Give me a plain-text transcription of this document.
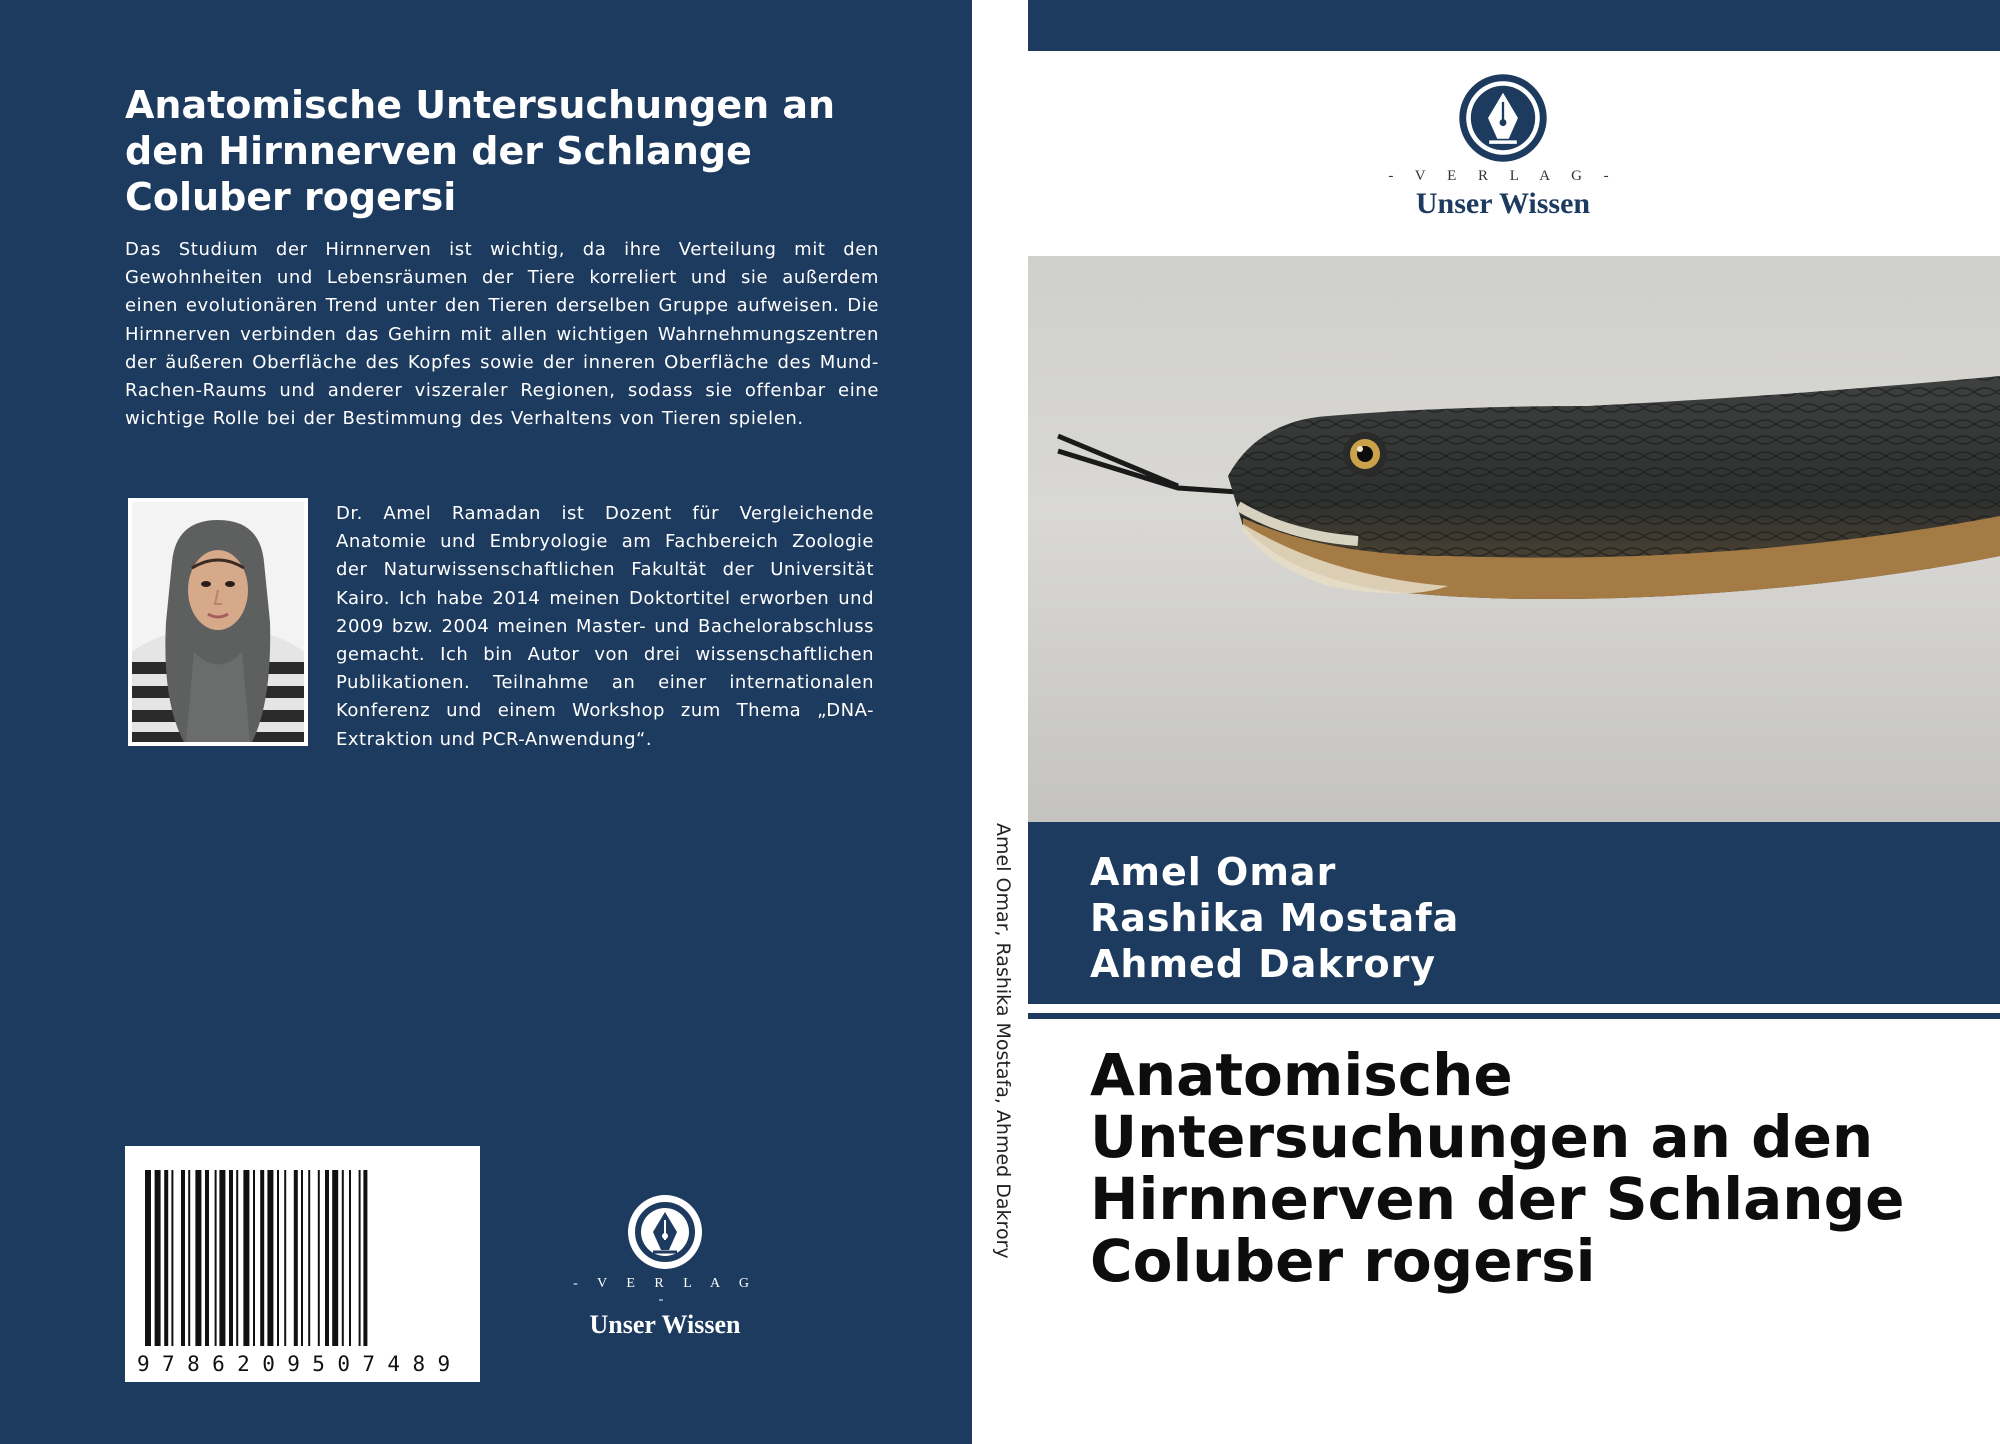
Anatomische Untersuchungen an
den Hirnnerven der Schlange
Coluber rogersi

Das Studium der Hirnnerven ist wichtig, da ihre Verteilung mit den Gewohnheiten und Lebensräumen der Tiere korreliert und sie außerdem einen evolutionären Trend unter den Tieren derselben Gruppe aufweisen. Die Hirnnerven verbinden das Gehirn mit allen wichtigen Wahrnehmungszentren der äußeren Oberfläche des Kopfes sowie der inneren Oberfläche des Mund-Rachen-Raums und anderer viszeraler Regionen, sodass sie offenbar eine wichtige Rolle bei der Bestimmung des Verhaltens von Tieren spielen.

Dr. Amel Ramadan ist Dozent für Vergleichende Anatomie und Embryologie am Fachbereich Zoologie der Naturwissenschaftlichen Fakultät der Universität Kairo. Ich habe 2014 meinen Doktortitel erworben und 2009 bzw. 2004 meinen Master- und Bachelorabschluss gemacht. Ich bin Autor von drei wissenschaftlichen Publikationen. Teilnahme an einer internationalen Konferenz und einem Workshop zum Thema „DNA-Extraktion und PCR-Anwendung“.

9786209507489
- V E R L A G -
Unser Wissen
Amel Omar, Rashika Mostafa, Ahmed Dakrory
- V E R L A G -
Unser Wissen
Amel Omar
Rashika Mostafa
Ahmed Dakrory
Anatomische
Untersuchungen an den
Hirnnerven der Schlange
Coluber rogersi
